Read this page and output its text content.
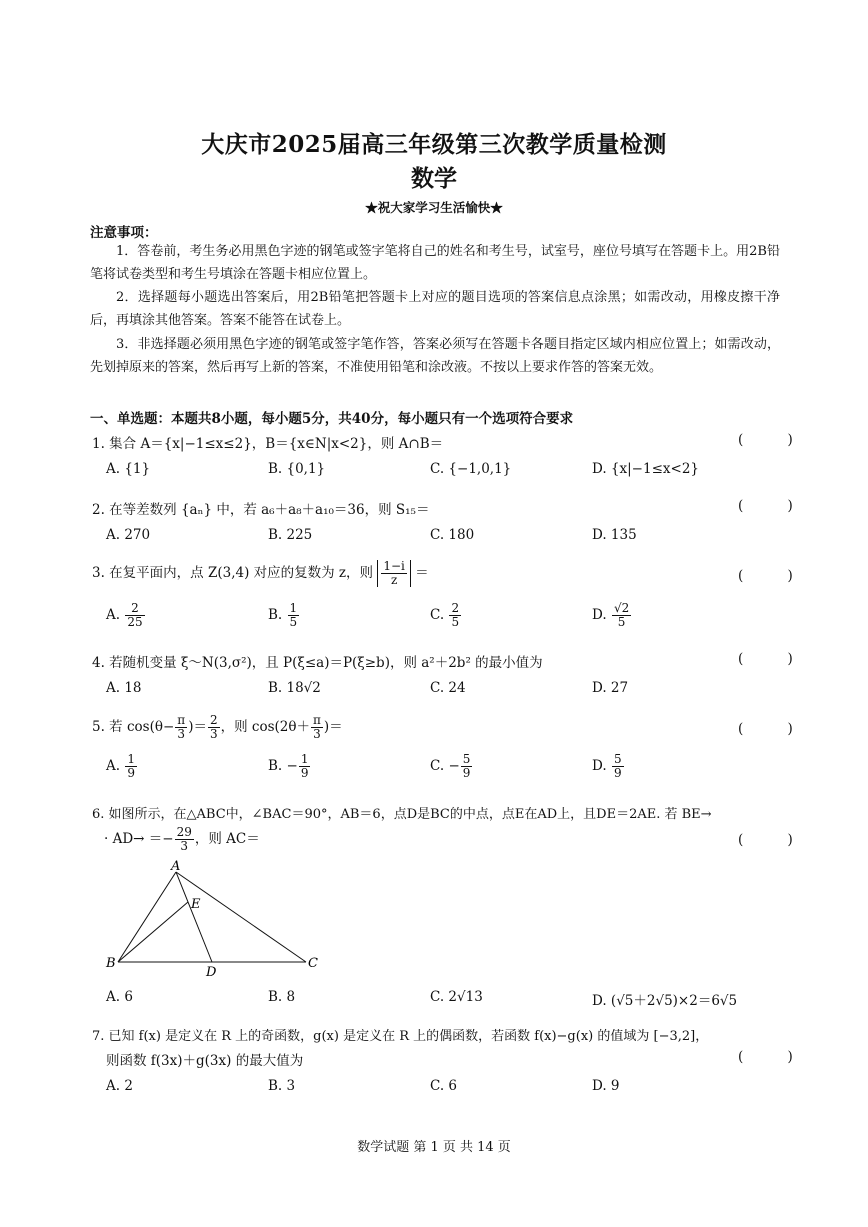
大庆市2025届高三年级第三次教学质量检测
数学
★祝大家学习生活愉快★
注意事项：
1．答卷前，考生务必用黑色字迹的钢笔或签字笔将自己的姓名和考生号，试室号，座位号填写在答题卡上。用2B铅笔将试卷类型和考生号填涂在答题卡相应位置上。
2．选择题每小题选出答案后，用2B铅笔把答题卡上对应的题目选项的答案信息点涂黑；如需改动，用橡皮擦干净后，再填涂其他答案。答案不能答在试卷上。
3．非选择题必须用黑色字迹的钢笔或签字笔作答，答案必须写在答题卡各题目指定区域内相应位置上；如需改动，先划掉原来的答案，然后再写上新的答案，不准使用铅笔和涂改液。不按以上要求作答的答案无效。
一、单选题：本题共8小题，每小题5分，共40分，每小题只有一个选项符合要求
1. 集合 A＝{x|−1≤x≤2}，B＝{x∈N|x<2}，则 A∩B＝	( )
A. {1}	B. {0,1}	C. {−1,0,1}	D. {x|−1≤x<2}
2. 在等差数列 {aₙ} 中，若 a₆＋a₈＋a₁₀＝36，则 S₁₅＝	( )
A. 270	B. 225	C. 180	D. 135
3. 在复平面内，点 Z(3,4) 对应的复数为 z，则 $\frac{1-i}{z}$ ＝	( )
A. $\frac{2}{25}$	B. $\frac{1}{5}$	C. $\frac{2}{5}$	D. $\frac{√2}{5}$
4. 若随机变量 ξ～N(3,σ²)，且 P(ξ≤a)＝P(ξ≥b)，则 a²＋2b² 的最小值为	( )
A. 18	B. 18√2	C. 24	D. 27
5. 若 $\cos(\theta- \frac{\pi}{3}$ )＝ $\frac{2}{3}$ ，则 $\cos(2\theta+ \frac{\pi}{3}$ )＝	( )
A. $\frac{1}{9}$	B. − $\frac{1}{9}$	C. − $\frac{5}{9}$	D. $\frac{5}{9}$
6. 如图所示，在△ABC中，∠BAC＝90°，AB＝6，点D是BC的中点，点E在AD上，且DE＝2AE. 若 BE→
· $AD\to =- \frac{29}{3}$ ，则 AC＝	( )
A
E
B
D
C
A. 6	B. 8	C. 2√13	D. (√5＋2√5)×2＝6√5
7. 已知 f(x) 是定义在 R 上的奇函数，g(x) 是定义在 R 上的偶函数，若函数 f(x)−g(x) 的值域为 [−3,2]，
则函数 f(3x)＋g(3x) 的最大值为	( )
A. 2	B. 3	C. 6	D. 9
数学试题 第 1 页 共 14 页
